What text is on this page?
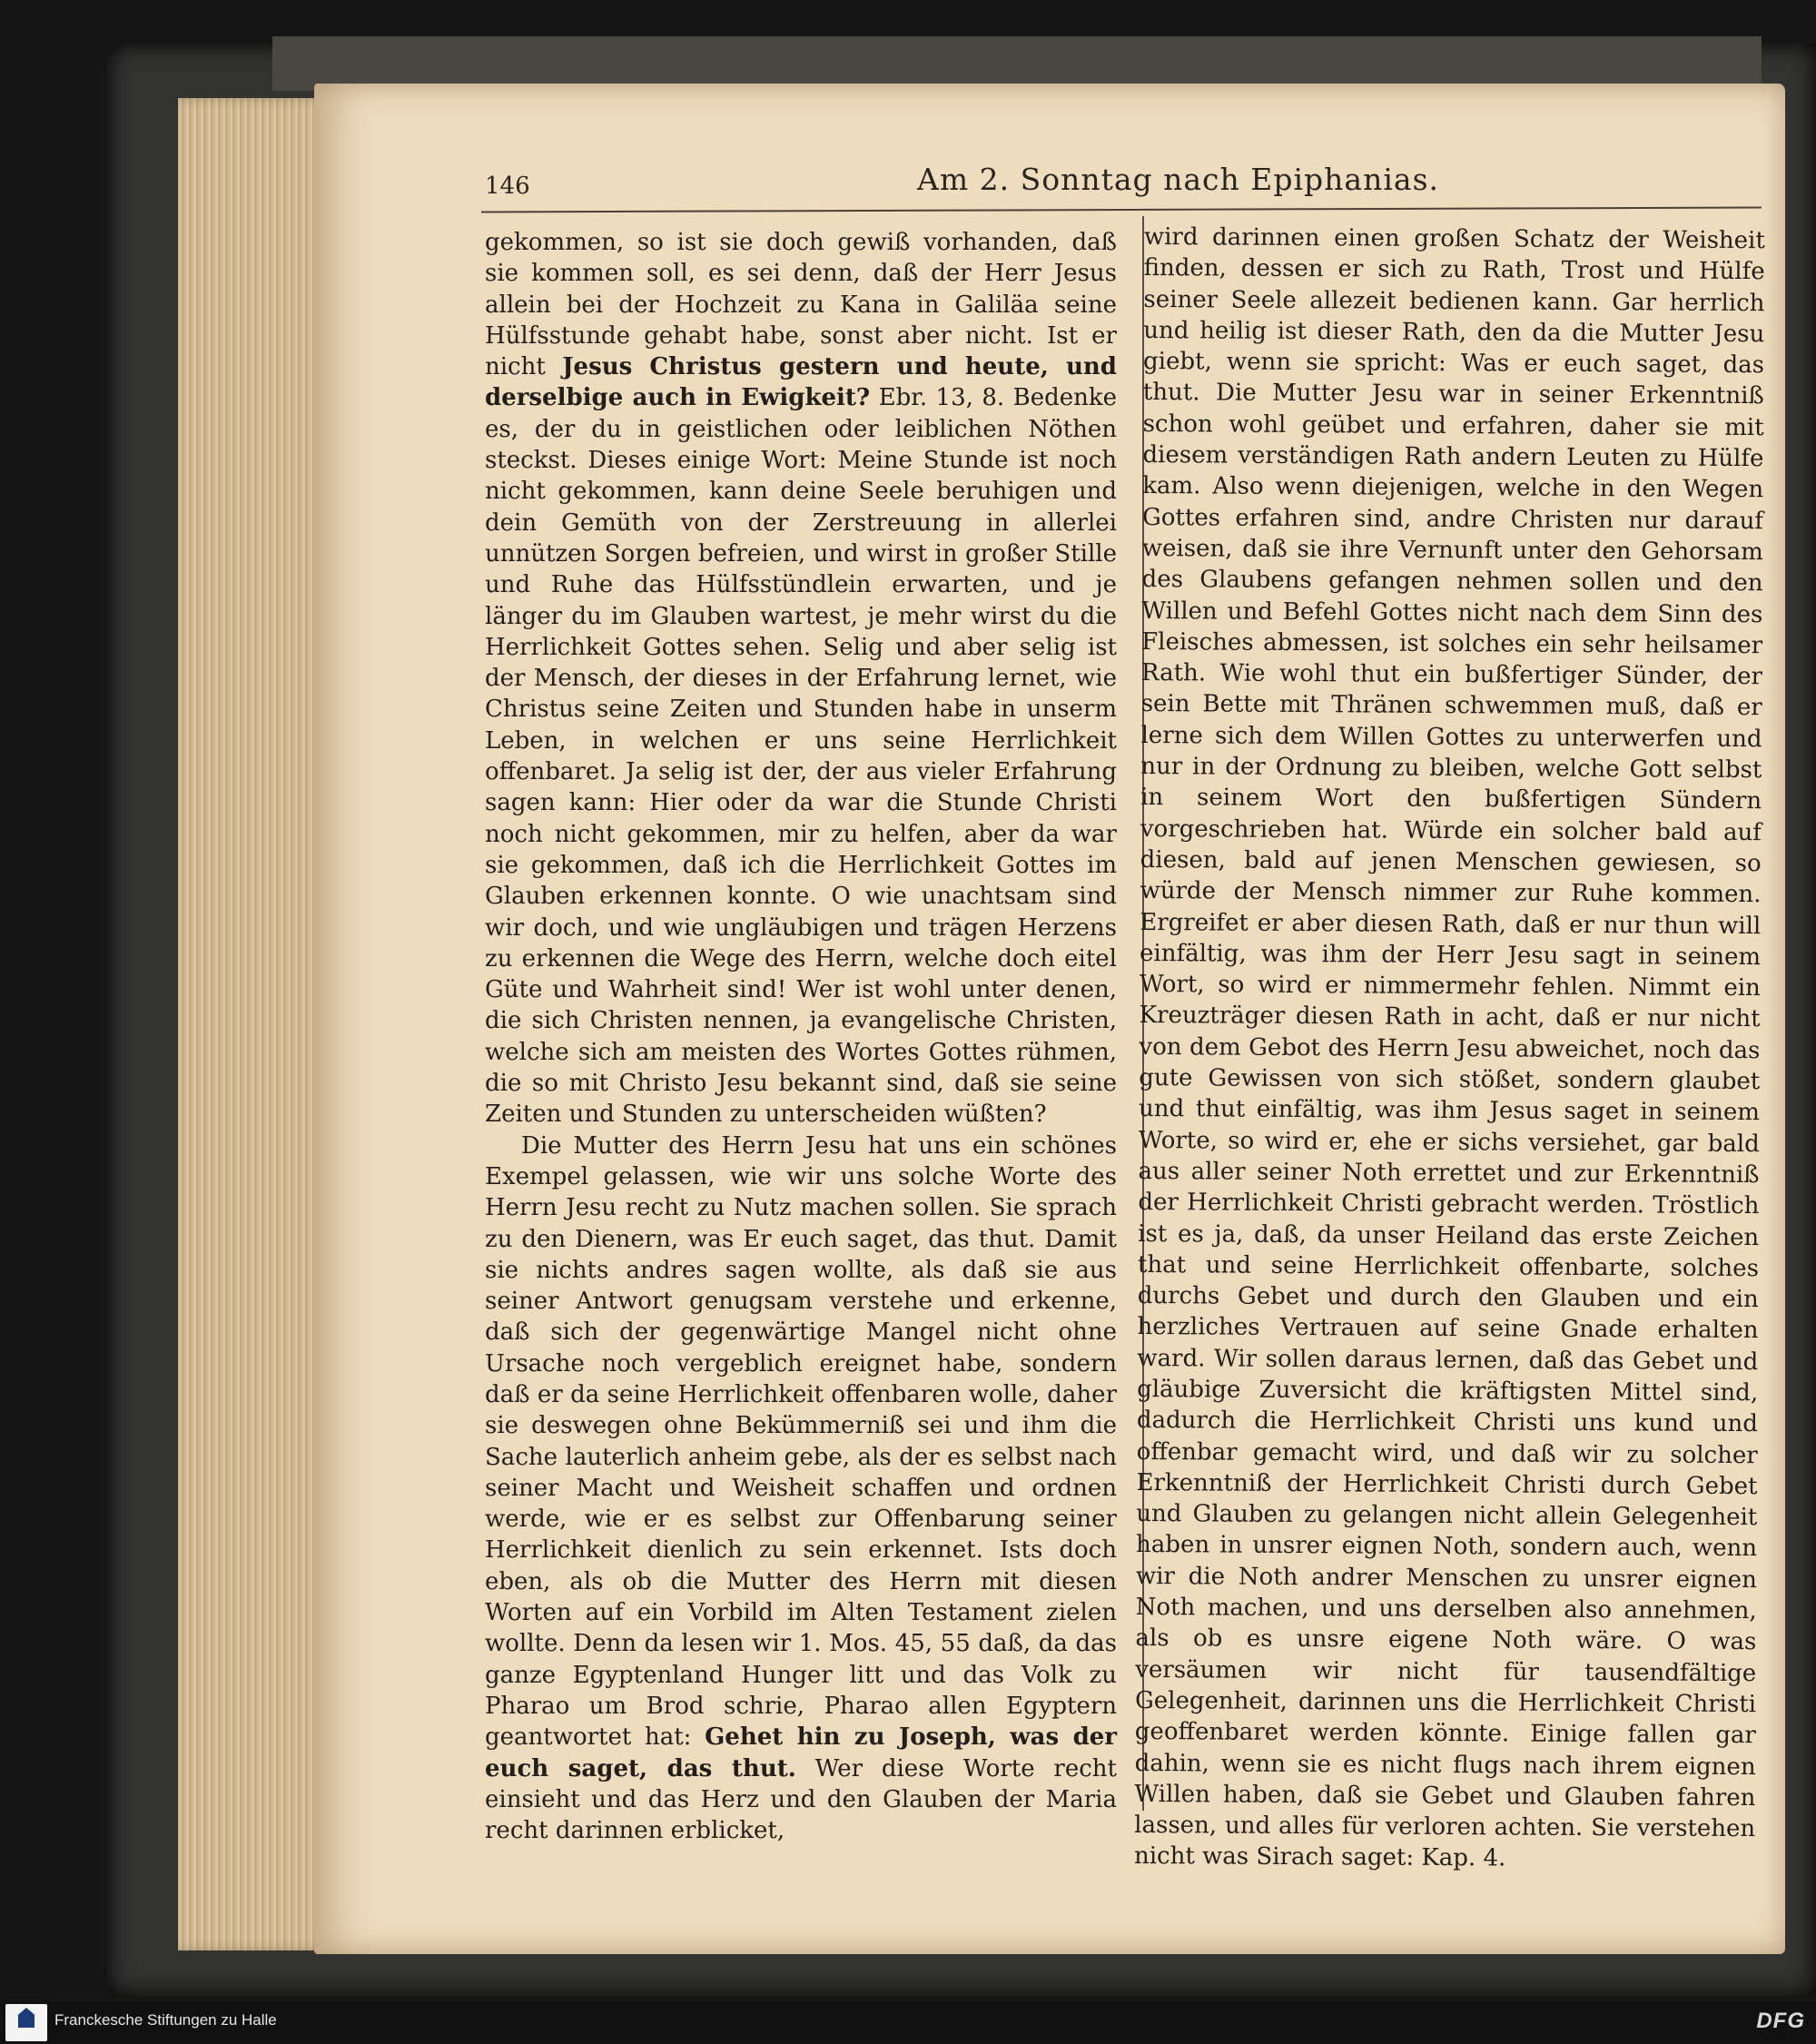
146	Am 2. Sonntag nach Epiphanias.

gekommen, so ist sie doch gewiß vorhanden, daß sie kommen soll, es sei denn, daß der Herr Jesus allein bei der Hochzeit zu Kana in Galiläa seine Hülfsstunde gehabt habe, sonst aber nicht. Ist er nicht Jesus Christus gestern und heute, und derselbige auch in Ewigkeit? Ebr. 13, 8. Bedenke es, der du in geistlichen oder leiblichen Nöthen steckst. Dieses einige Wort: Meine Stunde ist noch nicht gekommen, kann deine Seele beruhigen und dein Gemüth von der Zerstreuung in allerlei unnützen Sorgen befreien, und wirst in großer Stille und Ruhe das Hülfsstündlein erwarten, und je länger du im Glauben wartest, je mehr wirst du die Herrlichkeit Gottes sehen. Selig und aber selig ist der Mensch, der dieses in der Erfahrung lernet, wie Christus seine Zeiten und Stunden habe in unserm Leben, in welchen er uns seine Herrlichkeit offenbaret. Ja selig ist der, der aus vieler Erfahrung sagen kann: Hier oder da war die Stunde Christi noch nicht gekommen, mir zu helfen, aber da war sie gekommen, daß ich die Herrlichkeit Gottes im Glauben erkennen konnte. O wie unachtsam sind wir doch, und wie ungläubigen und trägen Herzens zu erkennen die Wege des Herrn, welche doch eitel Güte und Wahrheit sind! Wer ist wohl unter denen, die sich Christen nennen, ja evangelische Christen, welche sich am meisten des Wortes Gottes rühmen, die so mit Christo Jesu bekannt sind, daß sie seine Zeiten und Stunden zu unterscheiden wüßten?

Die Mutter des Herrn Jesu hat uns ein schönes Exempel gelassen, wie wir uns solche Worte des Herrn Jesu recht zu Nutz machen sollen. Sie sprach zu den Dienern, was Er euch saget, das thut. Damit sie nichts andres sagen wollte, als daß sie aus seiner Antwort genugsam verstehe und erkenne, daß sich der gegenwärtige Mangel nicht ohne Ursache noch vergeblich ereignet habe, sondern daß er da seine Herrlichkeit offenbaren wolle, daher sie deswegen ohne Bekümmerniß sei und ihm die Sache lauterlich anheim gebe, als der es selbst nach seiner Macht und Weisheit schaffen und ordnen werde, wie er es selbst zur Offenbarung seiner Herrlichkeit dienlich zu sein erkennet. Ists doch eben, als ob die Mutter des Herrn mit diesen Worten auf ein Vorbild im Alten Testament zielen wollte. Denn da lesen wir 1. Mos. 45, 55 daß, da das ganze Egyptenland Hunger litt und das Volk zu Pharao um Brod schrie, Pharao allen Egyptern geantwortet hat: Gehet hin zu Joseph, was der euch saget, das thut. Wer diese Worte recht einsieht und das Herz und den Glauben der Maria recht darinnen erblicket,

wird darinnen einen großen Schatz der Weisheit finden, dessen er sich zu Rath, Trost und Hülfe seiner Seele allezeit bedienen kann. Gar herrlich und heilig ist dieser Rath, den da die Mutter Jesu giebt, wenn sie spricht: Was er euch saget, das thut. Die Mutter Jesu war in seiner Erkenntniß schon wohl geübet und erfahren, daher sie mit diesem verständigen Rath andern Leuten zu Hülfe kam. Also wenn diejenigen, welche in den Wegen Gottes erfahren sind, andre Christen nur darauf weisen, daß sie ihre Vernunft unter den Gehorsam des Glaubens gefangen nehmen sollen und den Willen und Befehl Gottes nicht nach dem Sinn des Fleisches abmessen, ist solches ein sehr heilsamer Rath. Wie wohl thut ein bußfertiger Sünder, der sein Bette mit Thränen schwemmen muß, daß er lerne sich dem Willen Gottes zu unterwerfen und nur in der Ordnung zu bleiben, welche Gott selbst in seinem Wort den bußfertigen Sündern vorgeschrieben hat. Würde ein solcher bald auf diesen, bald auf jenen Menschen gewiesen, so würde der Mensch nimmer zur Ruhe kommen. Ergreifet er aber diesen Rath, daß er nur thun will einfältig, was ihm der Herr Jesu sagt in seinem Wort, so wird er nimmermehr fehlen. Nimmt ein Kreuzträger diesen Rath in acht, daß er nur nicht von dem Gebot des Herrn Jesu abweichet, noch das gute Gewissen von sich stößet, sondern glaubet und thut einfältig, was ihm Jesus saget in seinem Worte, so wird er, ehe er sichs versiehet, gar bald aus aller seiner Noth errettet und zur Erkenntniß der Herrlichkeit Christi gebracht werden. Tröstlich ist es ja, daß, da unser Heiland das erste Zeichen that und seine Herrlichkeit offenbarte, solches durchs Gebet und durch den Glauben und ein herzliches Vertrauen auf seine Gnade erhalten ward. Wir sollen daraus lernen, daß das Gebet und gläubige Zuversicht die kräftigsten Mittel sind, dadurch die Herrlichkeit Christi uns kund und offenbar gemacht wird, und daß wir zu solcher Erkenntniß der Herrlichkeit Christi durch Gebet und Glauben zu gelangen nicht allein Gelegenheit haben in unsrer eignen Noth, sondern auch, wenn wir die Noth andrer Menschen zu unsrer eignen Noth machen, und uns derselben also annehmen, als ob es unsre eigene Noth wäre. O was versäumen wir nicht für tausendfältige Gelegenheit, darinnen uns die Herrlichkeit Christi geoffenbaret werden könnte. Einige fallen gar dahin, wenn sie es nicht flugs nach ihrem eignen Willen haben, daß sie Gebet und Glauben fahren lassen, und alles für verloren achten. Sie verstehen nicht was Sirach saget: Kap. 4.

Franckesche Stiftungen zu Halle	DFG
